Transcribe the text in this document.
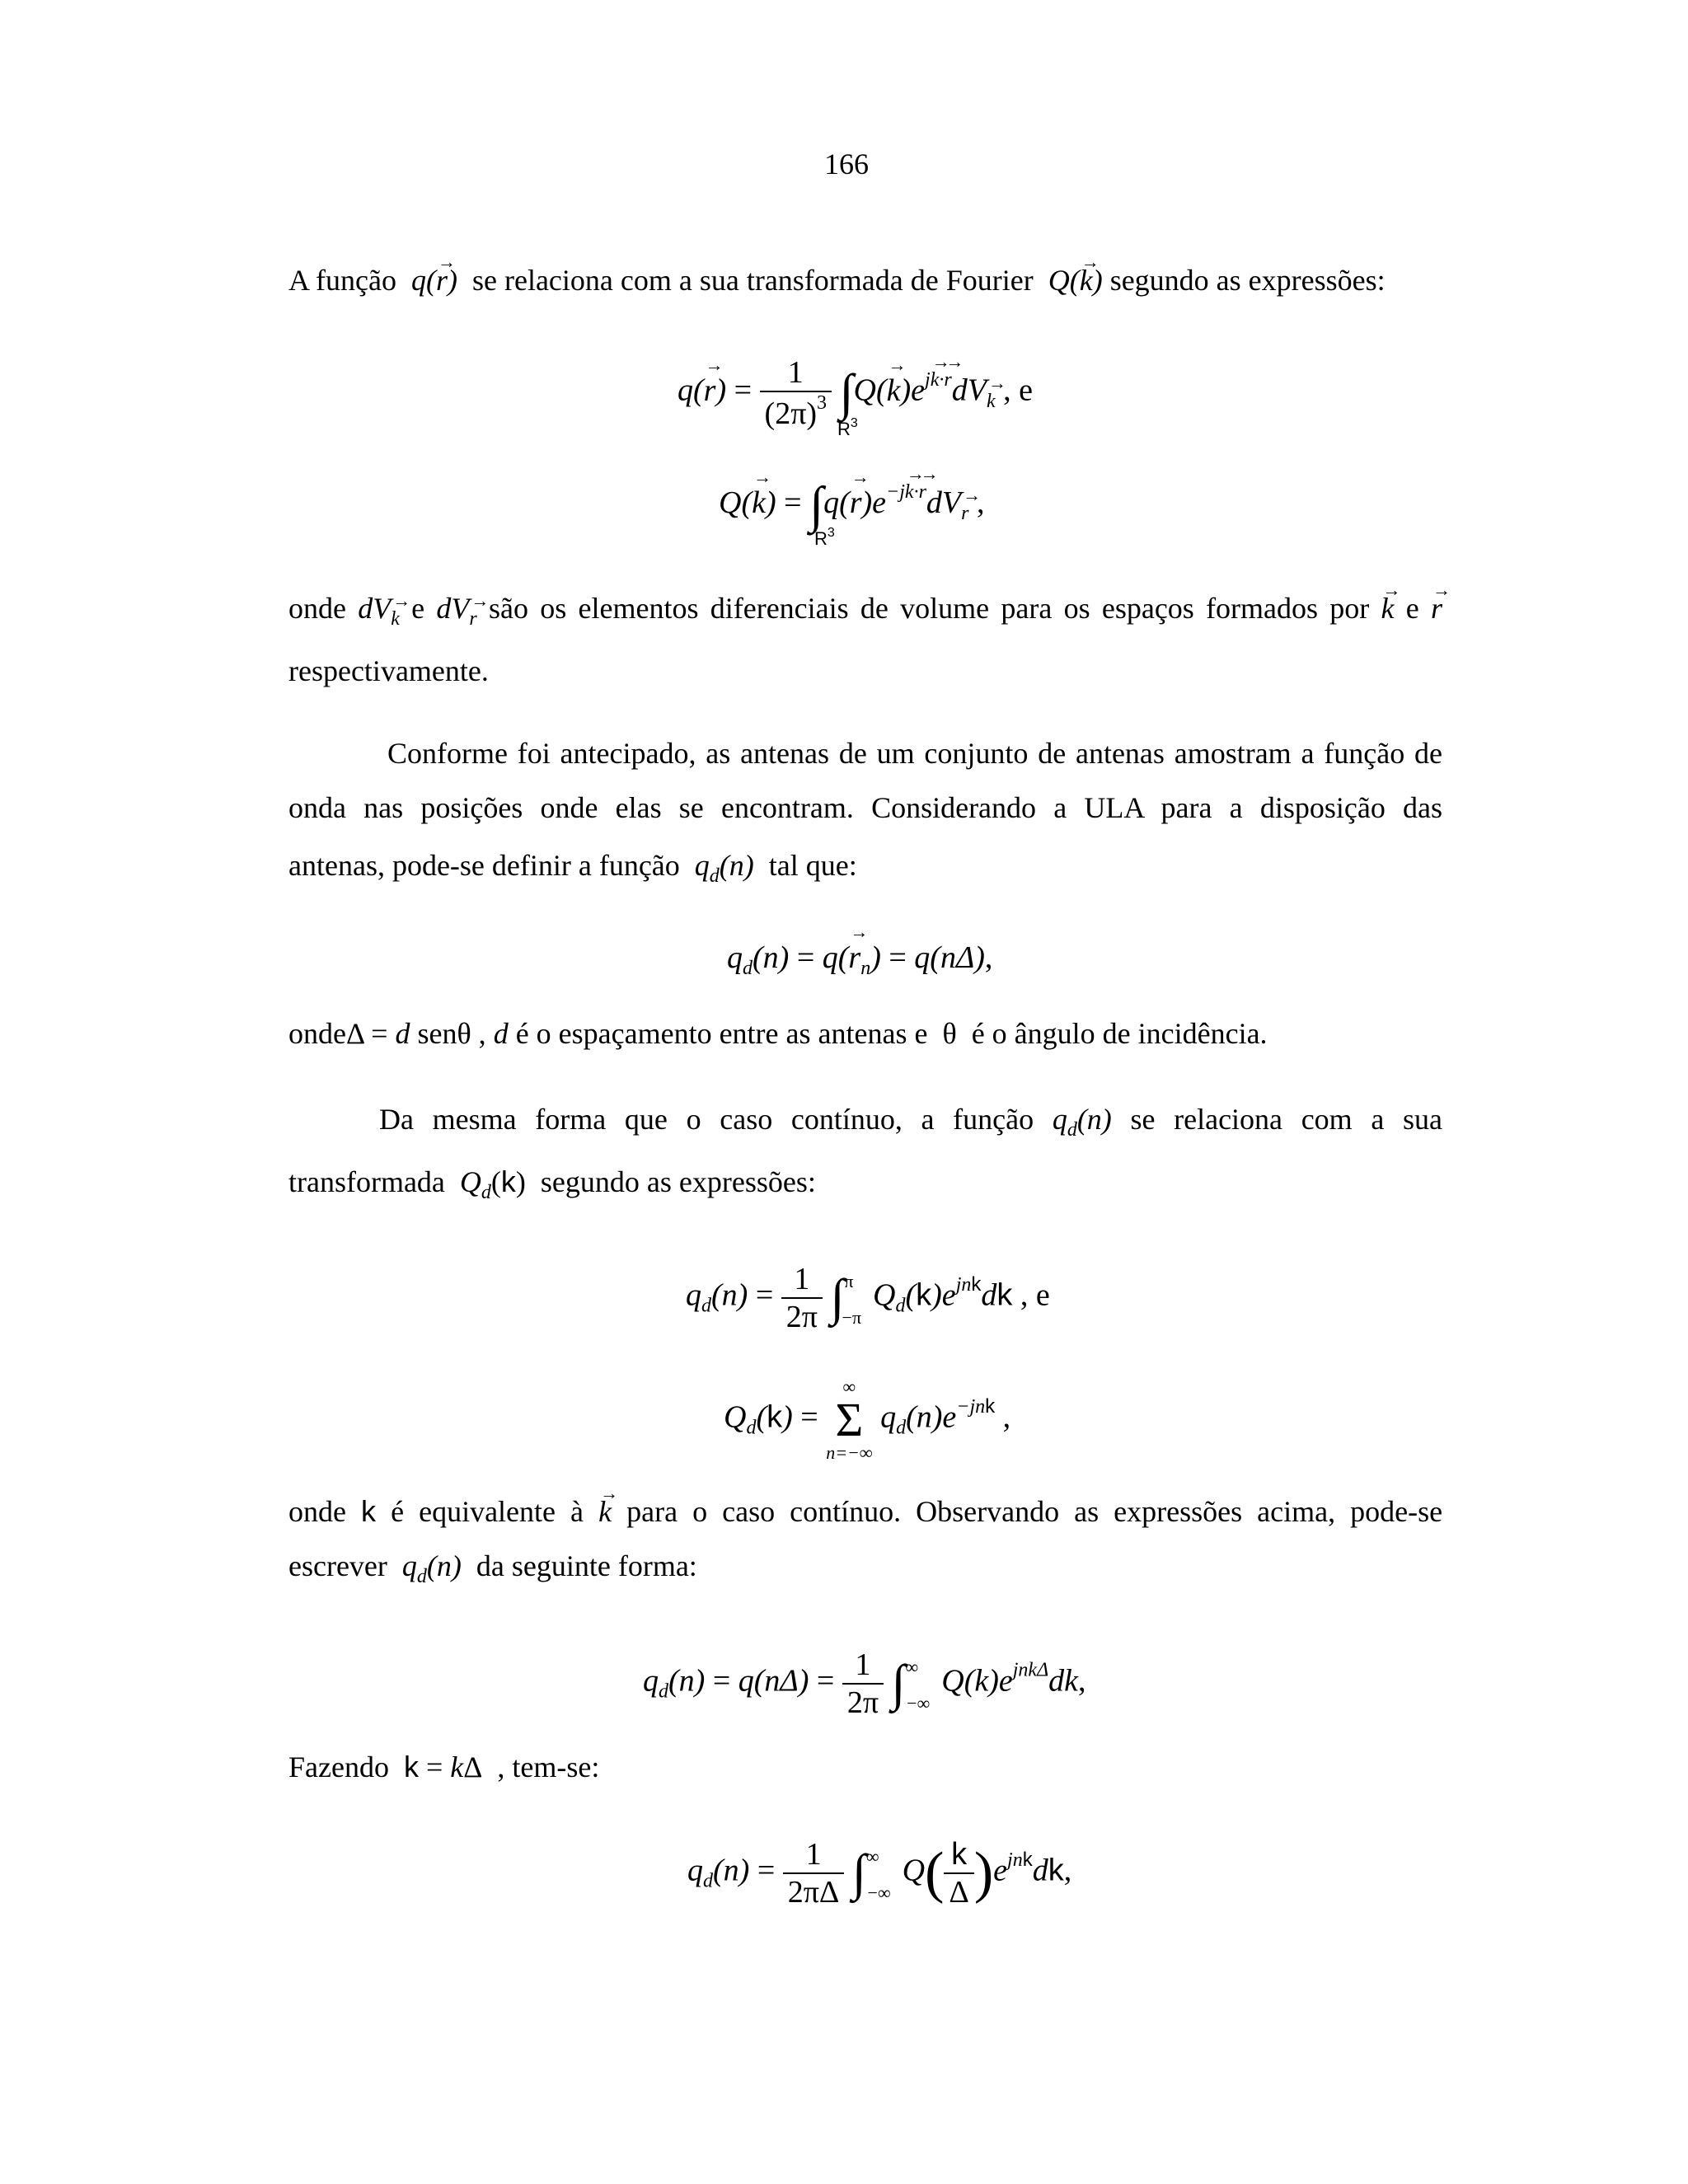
166
A função  q(r →)  se relaciona com a sua transformada de Fourier  Q(k →) segundo as expressões:
q(r →) = $\frac{1}{(2\pi)^3} \int Q(k \to)e^{jk \to\cdot r} \to dV_k$ → , e
$R^3$
Q(k →) = $\int q(r \to)e^{-jk \to\cdot r} \to dV_r$ → ,
$R^3$
onde $dV_k \to e$ $dV_r$ → são os elementos diferenciais de volume para os espaços formados por k → e r →
respectivamente.
Conforme foi antecipado, as antenas de um conjunto de antenas amostram a função de
onda nas posições onde elas se encontram. Considerando a ULA para a disposição das
antenas, pode-se definir a função  $q_d(n)$  tal que:
$q_d(n) = q(r \to_n) = q(n\Delta)$,
ondeΔ = d senθ , d é o espaçamento entre as antenas e  θ  é o ângulo de incidência.
Da mesma forma que o caso contínuo, a função $q_d(n)$ se relaciona com a sua
transformada  $Q_d(k)$  segundo as expressões:
$q_d(n) = \frac{1}{2\pi} \int^\pi_{-\pi}Q_d(k)e^{jnk}dk$ , e
$Q_d(k)$ =
∞
Σ
n=−∞
$q_d(n)e^{-jnk}$ ,
onde k é equivalente à k → para o caso contínuo. Observando as expressões acima, pode-se
escrever  $q_d(n)$  da seguinte forma:
$q_d(n) = q(n\Delta) = \frac{1}{2\pi} \int^\infty_{-\infty}Q(k)e^{jnk\Delta}dk$,
Fazendo k = kΔ  , tem-se:
$q_d(n) = \frac{1}{2\pi\Delta} \int^\infty_{-\infty}Q( \frac{k}{\Delta} )e^{jnk}dk$,
